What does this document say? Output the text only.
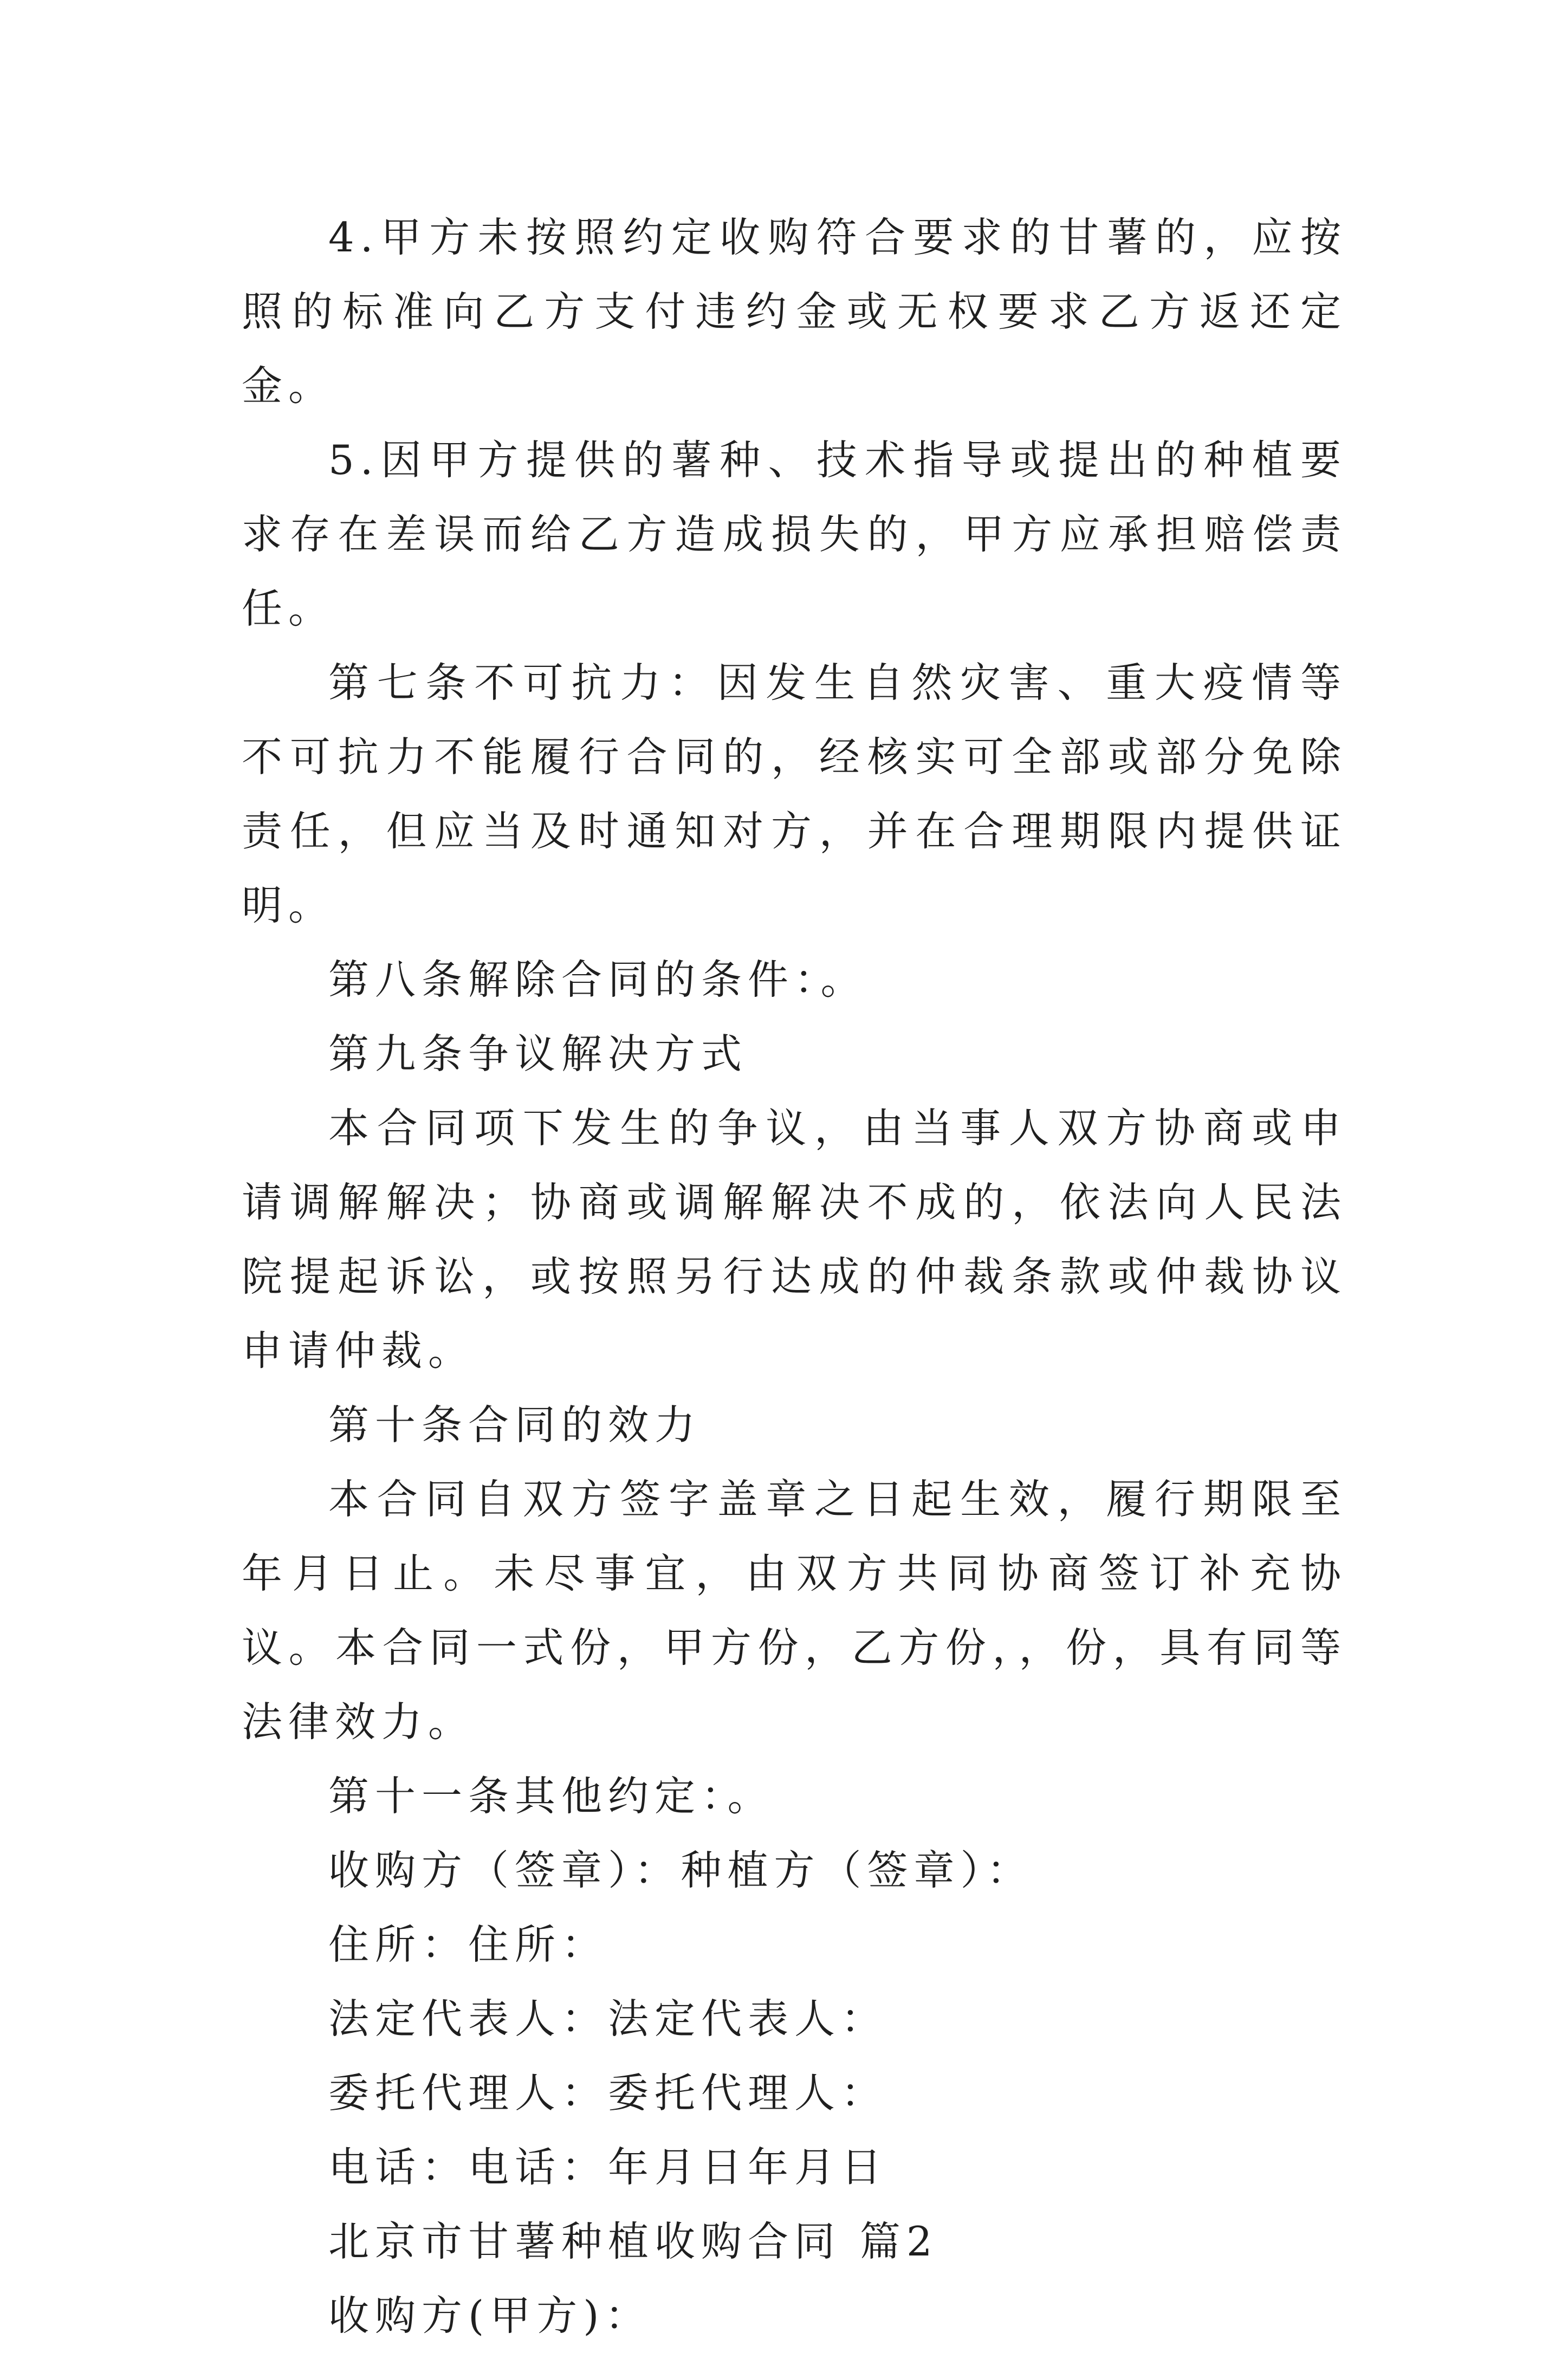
4.甲方未按照约定收购符合要求的甘薯的，应按照的标准向乙方支付违约金或无权要求乙方返还定金。

5.因甲方提供的薯种、技术指导或提出的种植要求存在差误而给乙方造成损失的，甲方应承担赔偿责任。

第七条不可抗力：因发生自然灾害、重大疫情等不可抗力不能履行合同的，经核实可全部或部分免除责任，但应当及时通知对方，并在合理期限内提供证明。

第八条解除合同的条件：。

第九条争议解决方式

本合同项下发生的争议，由当事人双方协商或申请调解解决；协商或调解解决不成的，依法向人民法院提起诉讼，或按照另行达成的仲裁条款或仲裁协议申请仲裁。

第十条合同的效力

本合同自双方签字盖章之日起生效，履行期限至年月日止。未尽事宜，由双方共同协商签订补充协议。本合同一式份，甲方份，乙方份，，份，具有同等法律效力。

第十一条其他约定：。

收购方（签章）：种植方（签章）：

住所：住所：

法定代表人：法定代表人：

委托代理人：委托代理人：

电话：电话：年月日年月日

北京市甘薯种植收购合同 篇2

收购方(甲方)：
